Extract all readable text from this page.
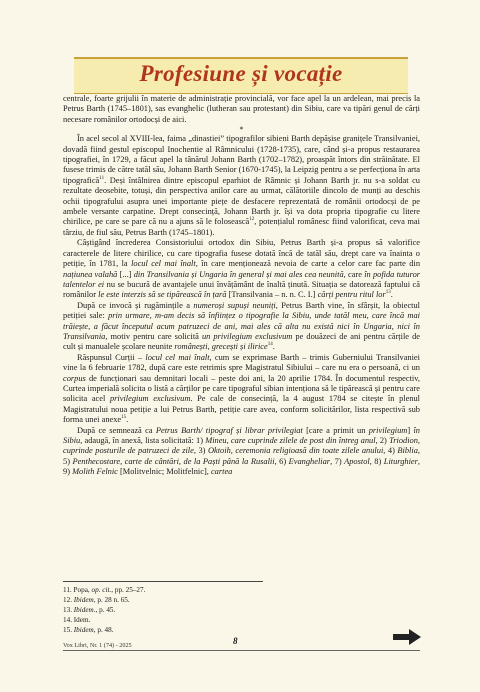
Profesiune și vocație

centrale, foarte grijulii în materie de administrație provincială, vor face apel la un ardelean, mai precis la Petrus Barth (1745–1801), sas evanghelic (lutheran sau protestant) din Sibiu, care va tipări genul de cărți necesare românilor ortodocși de aici.

*

În acel secol al XVIII-lea, faima „dinastiei” tipografilor sibieni Barth depășise granițele Transilvaniei, dovadă fiind gestul episcopul Inochentie al Râmnicului (1728-1735), care, când și-a propus restaurarea tipografiei, în 1729, a făcut apel la tânărul Johann Barth (1702–1782), proaspăt întors din străinătate. El fusese trimis de către tatăl său, Johann Barth Senior (1670-1745), la Leipzig pentru a se perfecționa în arta tipografică$^{11}$. Deși întâlnirea dintre episcopul eparhiot de Râmnic și Johann Barth jr. nu s-a soldat cu rezultate deosebite, totuși, din perspectiva anilor care au urmat, călătoriile dincolo de munți au deschis ochii tipografului asupra unei importante piețe de desfacere reprezentată de românii ortodocși de pe ambele versante carpatine. Drept consecință, Johann Barth jr. își va dota propria tipografie cu litere chirilice, pe care se pare că nu a ajuns să le folosească$^{12}$, potențialul românesc fiind valorificat, ceva mai târziu, de fiul său, Petrus Barth (1745–1801).

Câștigând încrederea Consistoriului ortodox din Sibiu, Petrus Barth și-a propus să valorifice caracterele de litere chirilice, cu care tipografia fusese dotată încă de tatăl său, drept care va înainta o petiție, în 1781, la locul cel mai înalt, în care menționează nevoia de carte a celor care fac parte din națiunea valahă [...] din Transilvania și Ungaria în general și mai ales cea neunită, care în pofida tuturor talentelor ei nu se bucură de avantajele unui învățământ de înaltă ținută. Situația se datorează faptului că românilor le este interzis să se tipărească în țară [Transilvania – n. n. C. I.] cărți pentru ritul lor$^{13}$.

După ce invocă și rugămințile a numeroși supuși neuniți, Petrus Barth vine, în sfârșit, la obiectul petiției sale: prin urmare, m-am decis să înființez o tipografie la Sibiu, unde tatăl meu, care încă mai trăiește, a făcut începutul acum patruzeci de ani, mai ales că alta nu există nici în Ungaria, nici în Transilvania, motiv pentru care solicită un privilegium exclusivum pe douăzeci de ani pentru cărțile de cult și manualele școlare neunite românești, grecești și ilirice$^{14}$.

Răspunsul Curții – locul cel mai înalt, cum se exprimase Barth – trimis Guberniului Transilvaniei vine la 6 februarie 1782, după care este retrimis spre Magistratul Sibiului – care nu era o persoană, ci un corpus de funcționari sau demnitari locali – peste doi ani, la 20 aprilie 1784. În documentul respectiv, Curtea imperială solicita o listă a cărților pe care tipograful sibian intenționa să le tipărească și pentru care solicita acel privilegium exclusivum. Pe cale de consecință, la 4 august 1784 se citește în plenul Magistratului noua petiție a lui Petrus Barth, petiție care avea, conform solicitărilor, lista respectivă sub forma unei anexe$^{15}$.

După ce semnează ca Petrus Barth/ tipograf și librar privilegiat [care a primit un privilegium] în Sibiu, adaugă, în anexă, lista solicitată: 1) Mineu, care cuprinde zilele de post din întreg anul, 2) Triodion, cuprinde posturile de patruzeci de zile, 3) Oktoih, ceremonia religioasă din toate zilele anului, 4) Biblia, 5) Penthecostare, carte de cântări, de la Paști până la Rusalii, 6) Evangheliar, 7) Apostol, 8) Liturghier, 9) Molith Felnic [Molitvelnic; Molitfelnic], cartea

11. Popa, op. cit., pp. 25–27.
12. Ibidem, p. 28 n. 65.
13. Ibidem., p. 45.
14. Idem.
15. Ibidem, p. 48.
Vox Libri, Nr. 1 (74) - 2025	8
